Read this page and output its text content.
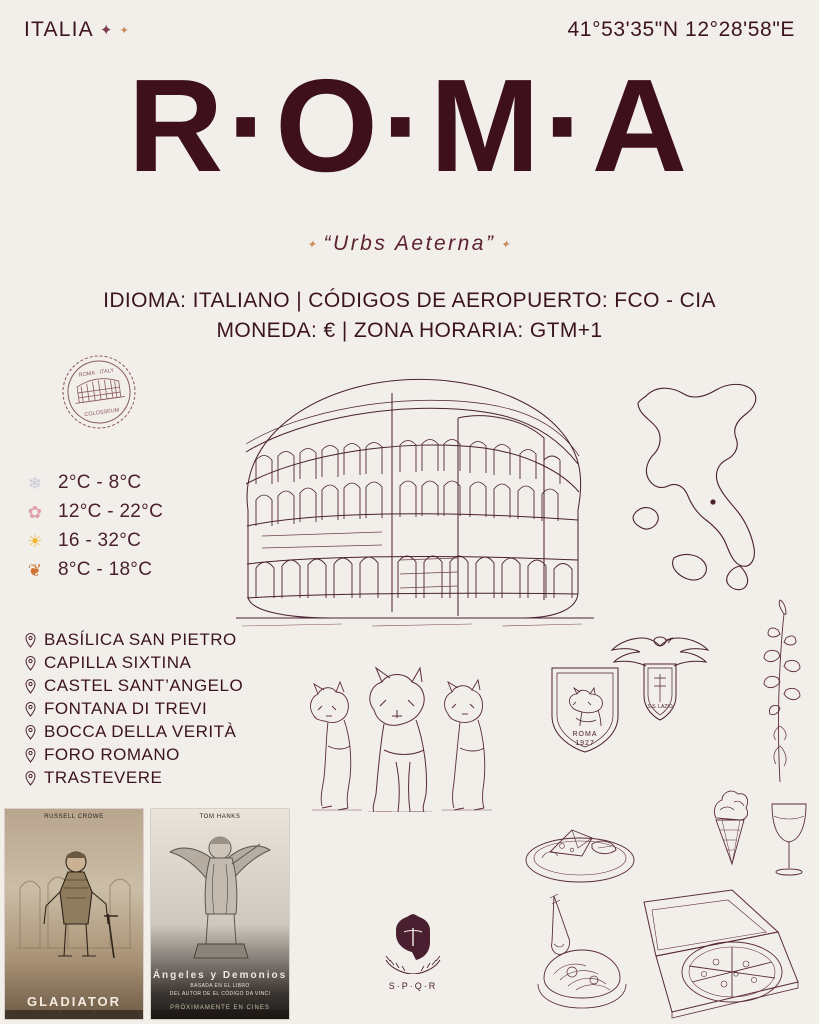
ITALIA ✦ ✦	41°53'35"N 12°28'58"E
R·O·M·A
✦ “Urbs Aeterna” ✦
IDIOMA: ITALIANO | CÓDIGOS DE AEROPUERTO: FCO - CIA
MONEDA: € | ZONA HORARIA: GTM+1
ROMA · ITALY
COLOSSEUM
❄ 2°C - 8°C
✿ 12°C - 22°C
☀ 16 - 32°C
❦ 8°C - 18°C
BASÍLICA SAN PIETRO
CAPILLA SIXTINA
CASTEL SANT’ANGELO
FONTANA DI TREVI
BOCCA DELLA VERITÀ
FORO ROMANO
TRASTEVERE
ROMA
1927
S.S. LAZIO
S·P·Q·R
RUSSELL CROWE
GLADIATOR
UNA HISTORIA DE VENGANZA · DREAMWORKS
TOM HANKS
Ángeles y Demonios
BASADA EN EL LIBRO
DEL AUTOR DE EL CÓDIGO DA VINCI
PRÓXIMAMENTE EN CINES
